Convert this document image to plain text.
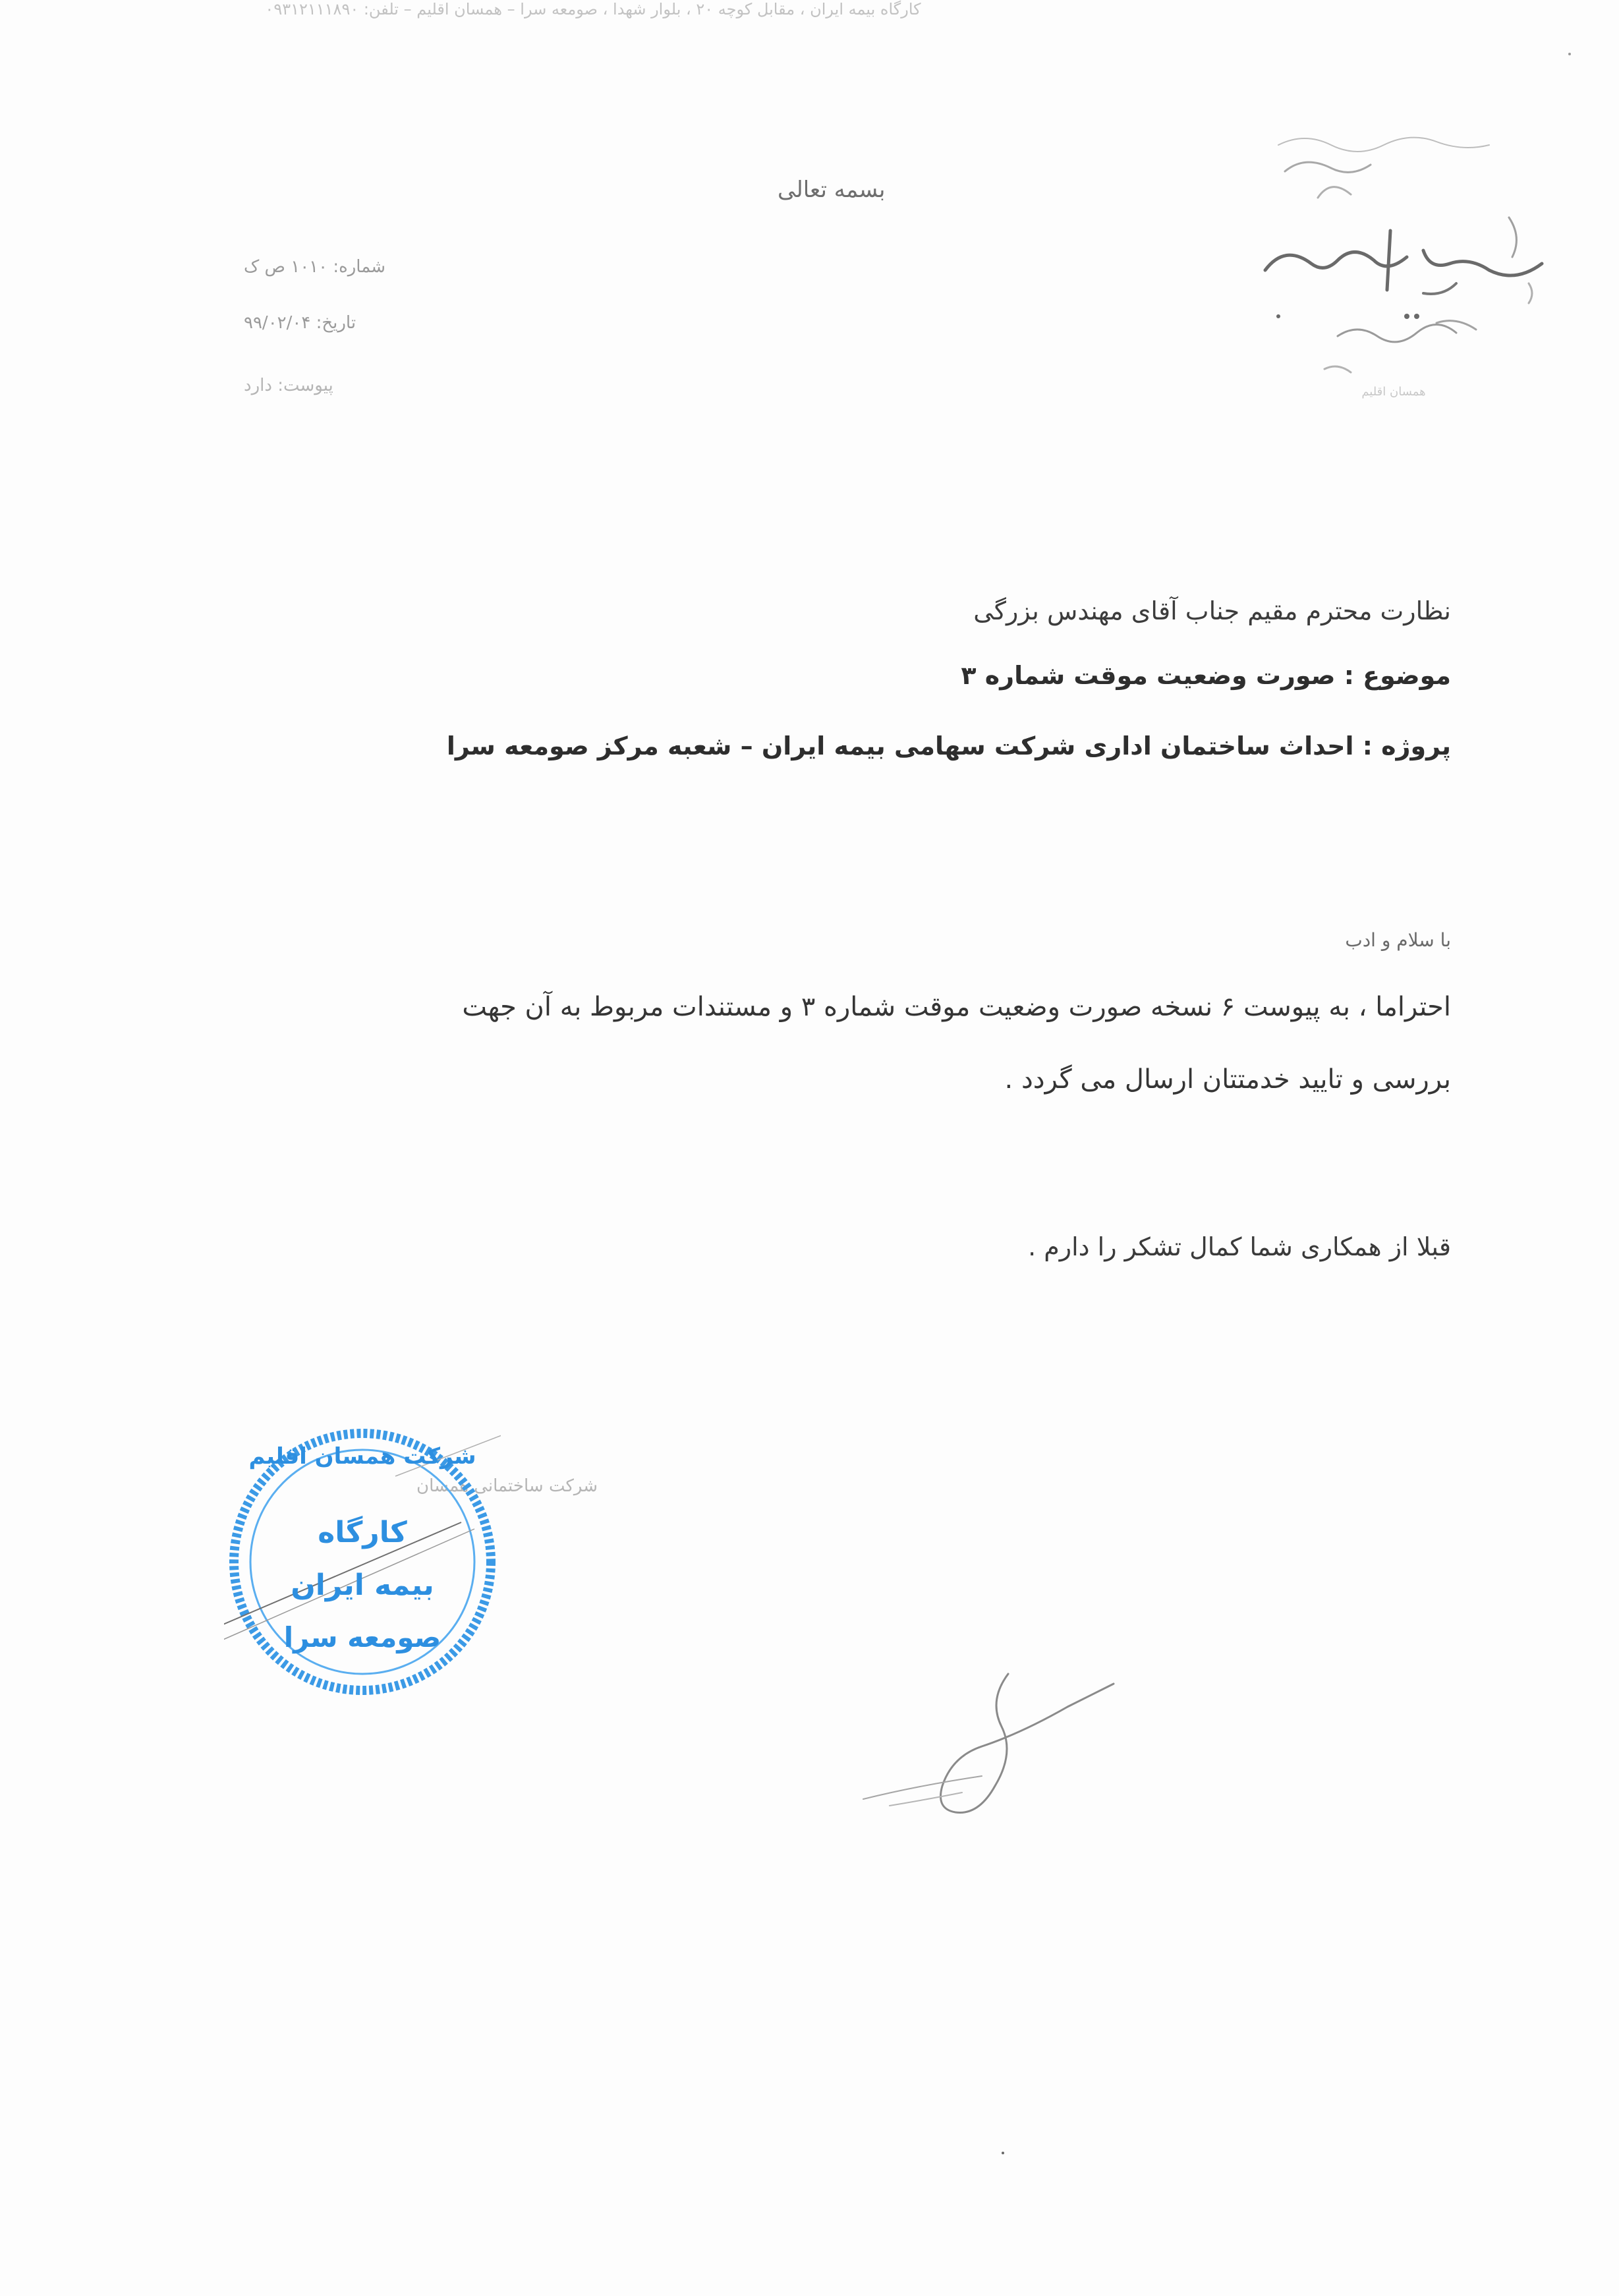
همسان اقلیم
بسمه تعالی
شماره: ۱۰۱۰ ص ک
تاریخ: ۹۹/۰۲/۰۴
پیوست: دارد
نظارت محترم مقیم جناب آقای مهندس بزرگی
موضوع : صورت وضعیت موقت شماره ۳
پروژه : احداث ساختمان اداری شرکت سهامی بیمه ایران – شعبه مرکز صومعه سرا
با سلام و ادب
احتراما ، به پیوست ۶ نسخه صورت وضعیت موقت شماره ۳ و مستندات مربوط به آن جهت
بررسی و تایید خدمتتان ارسال می گردد .
قبلا از همکاری شما کمال تشکر را دارم .
شرکت ساختمانی همسان
شرکت همسان اقلیم
کارگاه
بیمه ایران
صومعه سرا
کارگاه بیمه ایران ، مقابل کوچه ۲۰ ، بلوار شهدا ، صومعه سرا – همسان اقلیم – تلفن: ۰۹۳۱۲۱۱۱۸۹۰
